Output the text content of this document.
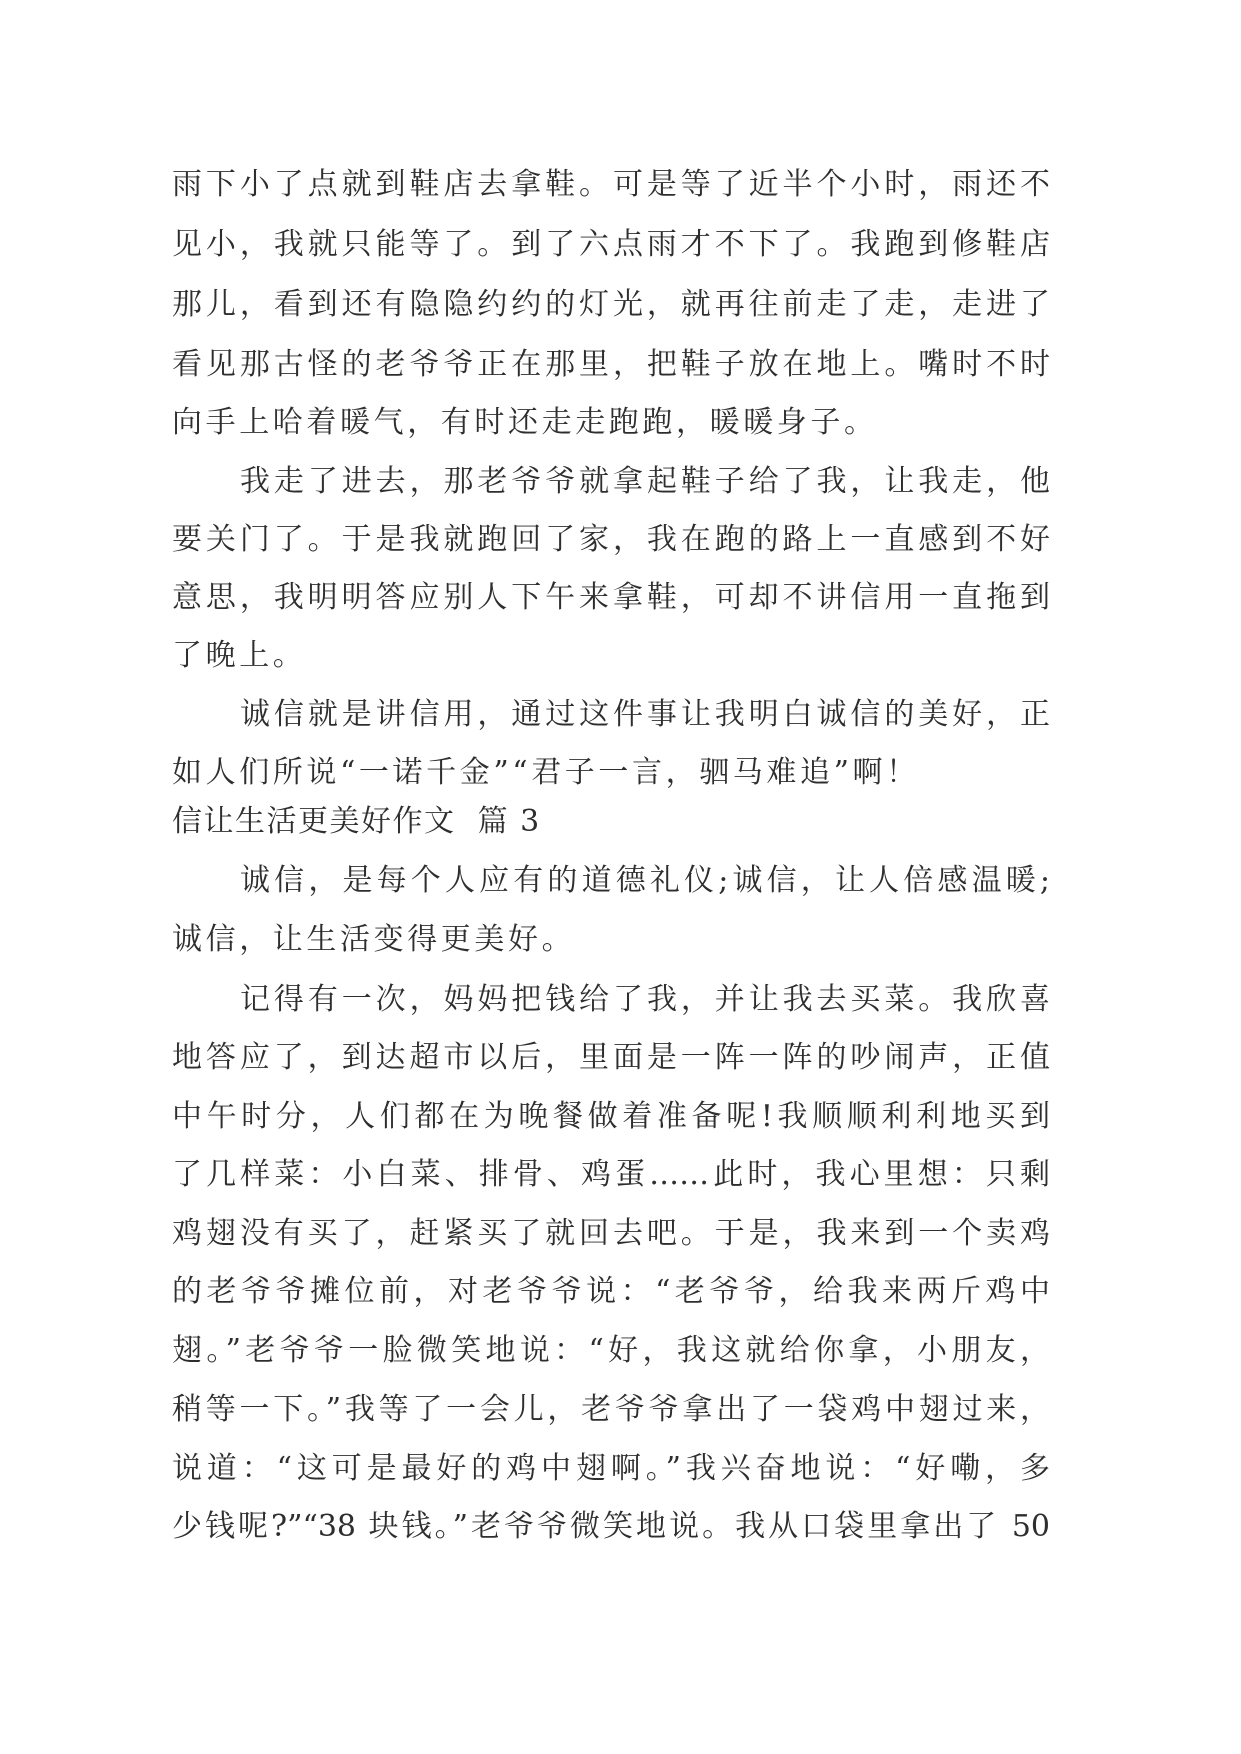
雨下小了点就到鞋店去拿鞋。可是等了近半个小时，雨还不
见小，我就只能等了。到了六点雨才不下了。我跑到修鞋店
那儿，看到还有隐隐约约的灯光，就再往前走了走，走进了
看见那古怪的老爷爷正在那里，把鞋子放在地上。嘴时不时
向手上哈着暖气，有时还走走跑跑，暖暖身子。
我走了进去，那老爷爷就拿起鞋子给了我，让我走，他
要关门了。于是我就跑回了家，我在跑的路上一直感到不好
意思，我明明答应别人下午来拿鞋，可却不讲信用一直拖到
了晚上。
诚信就是讲信用，通过这件事让我明白诚信的美好，正
如人们所说“一诺千金”“君子一言，驷马难追”啊！
信让生活更美好作文  篇 3
诚信，是每个人应有的道德礼仪;诚信，让人倍感温暖;
诚信，让生活变得更美好。
记得有一次，妈妈把钱给了我，并让我去买菜。我欣喜
地答应了，到达超市以后，里面是一阵一阵的吵闹声，正值
中午时分，人们都在为晚餐做着准备呢!我顺顺利利地买到
了几样菜：小白菜、排骨、鸡蛋……此时，我心里想：只剩
鸡翅没有买了，赶紧买了就回去吧。于是，我来到一个卖鸡
的老爷爷摊位前，对老爷爷说：“老爷爷，给我来两斤鸡中
翅。”老爷爷一脸微笑地说：“好，我这就给你拿，小朋友，
稍等一下。”我等了一会儿，老爷爷拿出了一袋鸡中翅过来，
说道：“这可是最好的鸡中翅啊。”我兴奋地说：“好嘞，多
少钱呢?”“38 块钱。”老爷爷微笑地说。我从口袋里拿出了 50
